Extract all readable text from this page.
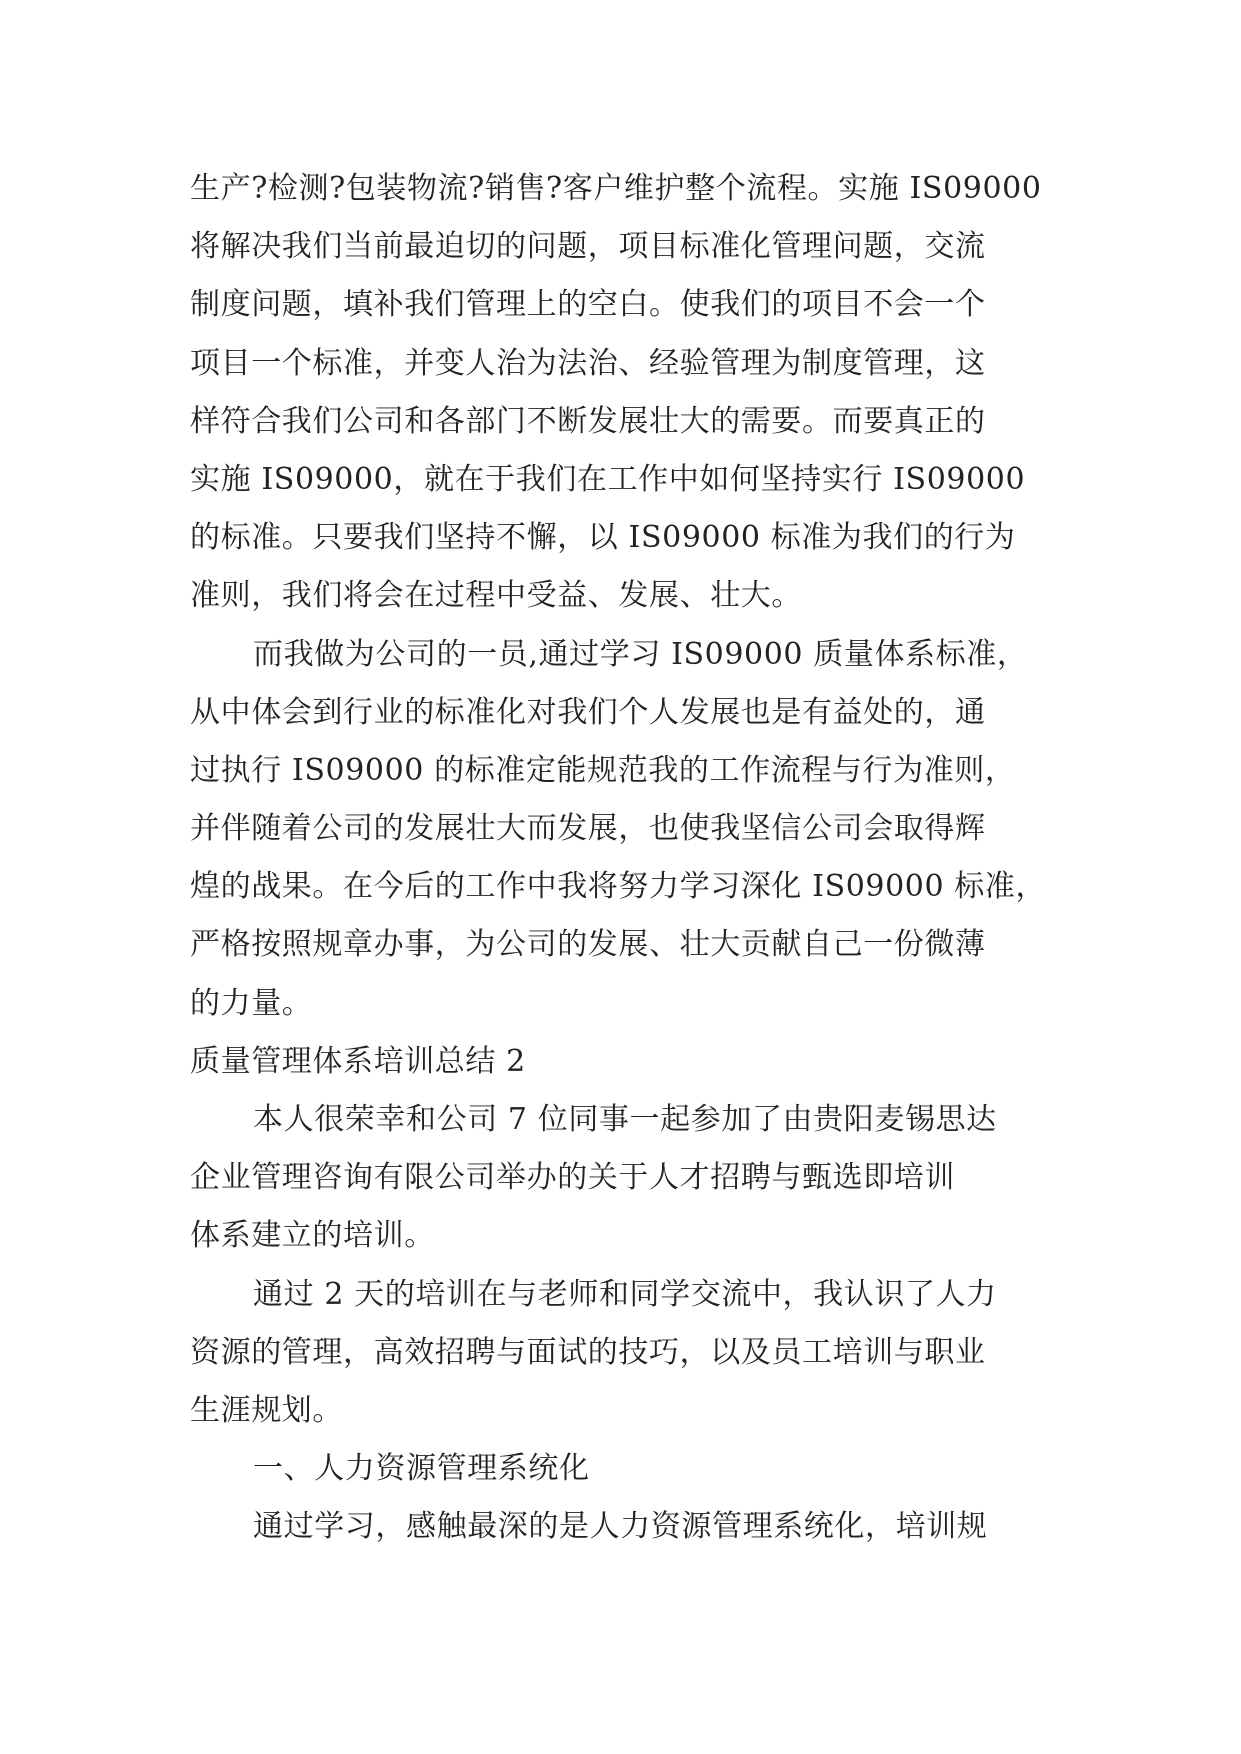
生产?检测?包装物流?销售?客户维护整个流程。实施 IS09000
将解决我们当前最迫切的问题，项目标准化管理问题，交流
制度问题，填补我们管理上的空白。使我们的项目不会一个
项目一个标准，并变人治为法治、经验管理为制度管理，这
样符合我们公司和各部门不断发展壮大的需要。而要真正的
实施 IS09000，就在于我们在工作中如何坚持实行 IS09000
的标准。只要我们坚持不懈，以 IS09000 标准为我们的行为
准则，我们将会在过程中受益、发展、壮大。
而我做为公司的一员,通过学习 IS09000 质量体系标准，
从中体会到行业的标准化对我们个人发展也是有益处的，通
过执行 IS09000 的标准定能规范我的工作流程与行为准则，
并伴随着公司的发展壮大而发展，也使我坚信公司会取得辉
煌的战果。在今后的工作中我将努力学习深化 IS09000 标准，
严格按照规章办事，为公司的发展、壮大贡献自己一份微薄
的力量。
质量管理体系培训总结 2
本人很荣幸和公司 7 位同事一起参加了由贵阳麦锡思达
企业管理咨询有限公司举办的关于人才招聘与甄选即培训
体系建立的培训。
通过 2 天的培训在与老师和同学交流中，我认识了人力
资源的管理，高效招聘与面试的技巧，以及员工培训与职业
生涯规划。
一、人力资源管理系统化
通过学习，感触最深的是人力资源管理系统化，培训规
